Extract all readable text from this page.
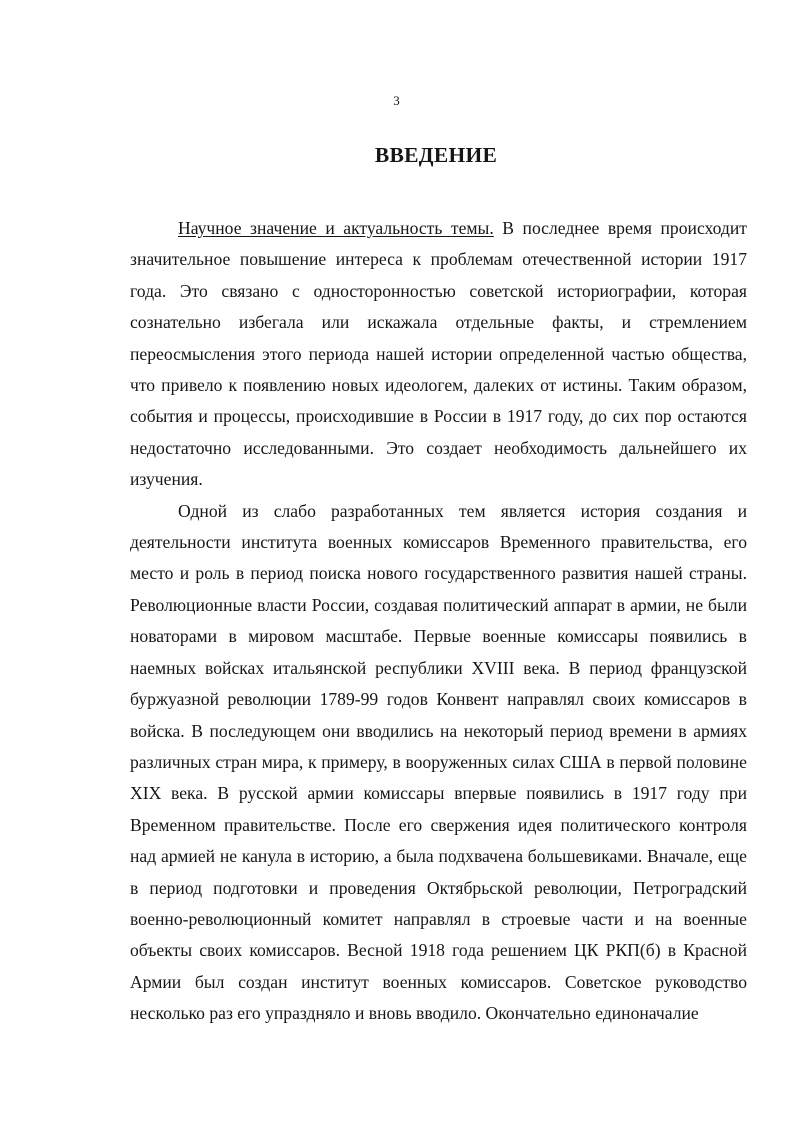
3
ВВЕДЕНИЕ

Научное значение и актуальность темы. В последнее время происходит значительное повышение интереса к проблемам отечественной истории 1917 года. Это связано с односторонностью советской историографии, которая сознательно избегала или искажала отдельные факты, и стремлением переосмысления этого периода нашей истории определенной частью общества, что привело к появлению новых идеологем, далеких от истины. Таким образом, события и процессы, происходившие в России в 1917 году, до сих пор остаются недостаточно исследованными. Это создает необходимость дальнейшего их изучения.

Одной из слабо разработанных тем является история создания и деятельности института военных комиссаров Временного правительства, его место и роль в период поиска нового государственного развития нашей страны. Революционные власти России, создавая политический аппарат в армии, не были новаторами в мировом масштабе. Первые военные комиссары появились в наемных войсках итальянской республики XVIII века. В период французской буржуазной революции 1789-99 годов Конвент направлял своих комиссаров в войска. В последующем они вводились на некоторый период времени в армиях различных стран мира, к примеру, в вооруженных силах США в первой половине XIX века. В русской армии комиссары впервые появились в 1917 году при Временном правительстве. После его свержения идея политического контроля над армией не канула в историю, а была подхвачена большевиками. Вначале, еще в период подготовки и проведения Октябрьской революции, Петроградский военно-революционный комитет направлял в строевые части и на военные объекты своих комиссаров. Весной 1918 года решением ЦК РКП(б) в Красной Армии был создан институт военных комиссаров. Советское руководство несколько раз его упраздняло и вновь вводило. Окончательно единоначалие
